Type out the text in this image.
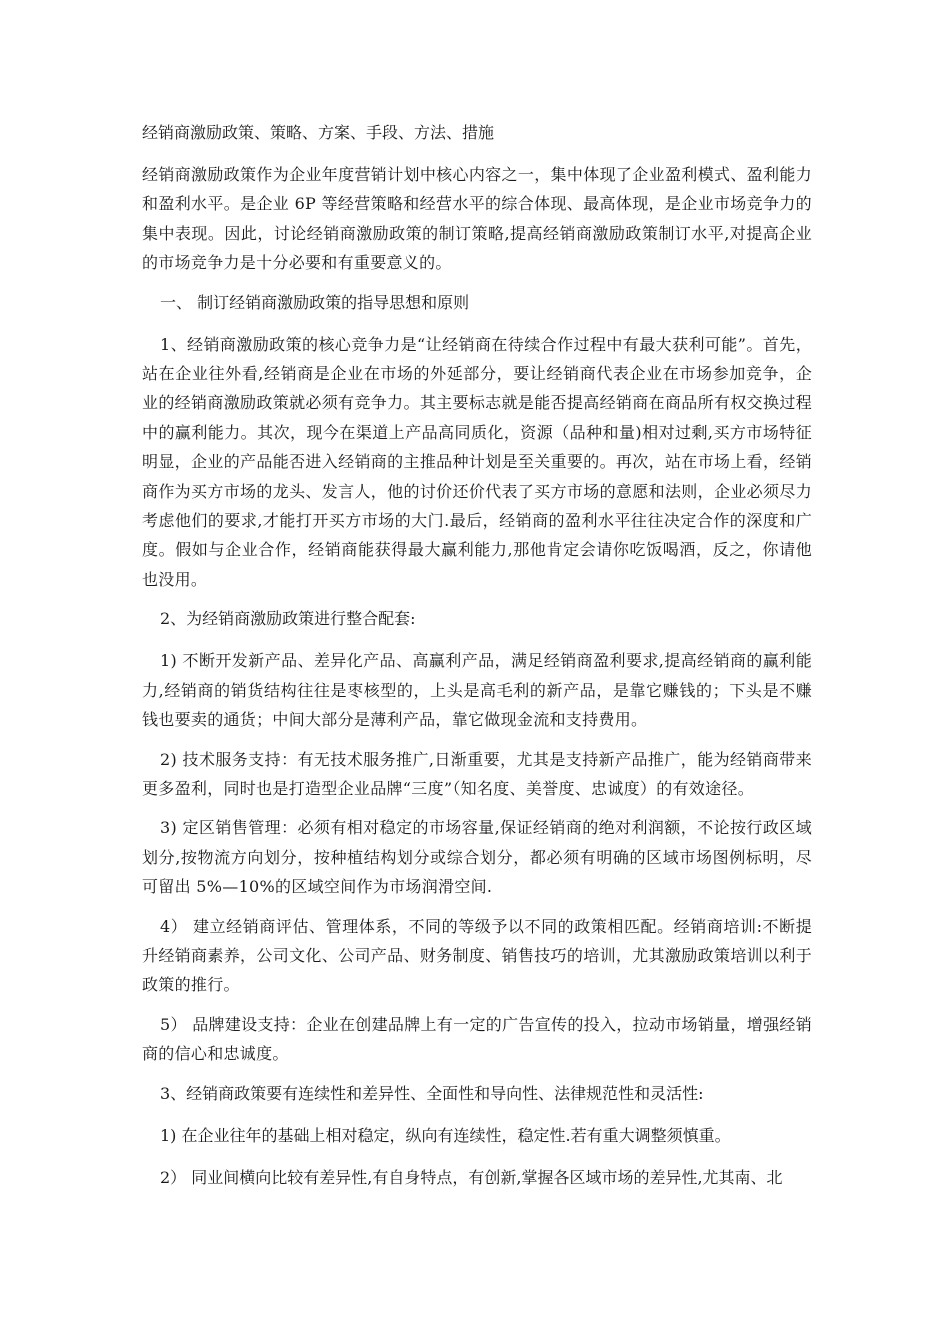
经销商激励政策、策略、方案、手段、方法、措施
经销商激励政策作为企业年度营销计划中核心内容之一，集中体现了企业盈利模式、盈利能力和盈利水平。是企业 6P 等经营策略和经营水平的综合体现、最高体现，是企业市场竞争力的集中表现。因此，讨论经销商激励政策的制订策略,提高经销商激励政策制订水平,对提高企业的市场竞争力是十分必要和有重要意义的。
一、 制订经销商激励政策的指导思想和原则
1、经销商激励政策的核心竞争力是“让经销商在待续合作过程中有最大获利可能”。首先，站在企业往外看,经销商是企业在市场的外延部分，要让经销商代表企业在市场参加竞争，企业的经销商激励政策就必须有竞争力。其主要标志就是能否提高经销商在商品所有权交换过程中的赢利能力。其次，现今在渠道上产品高同质化，资源（品种和量)相对过剩,买方市场特征明显，企业的产品能否进入经销商的主推品种计划是至关重要的。再次，站在市场上看，经销商作为买方市场的龙头、发言人，他的讨价还价代表了买方市场的意愿和法则，企业必须尽力考虑他们的要求,才能打开买方市场的大门.最后，经销商的盈利水平往往决定合作的深度和广度。假如与企业合作，经销商能获得最大赢利能力,那他肯定会请你吃饭喝酒，反之，你请他也没用。
2、为经销商激励政策进行整合配套:
1) 不断开发新产品、差异化产品、高赢利产品，满足经销商盈利要求,提高经销商的赢利能力,经销商的销货结构往往是枣核型的，上头是高毛利的新产品，是靠它赚钱的；下头是不赚钱也要卖的通货；中间大部分是薄利产品，靠它做现金流和支持费用。
2) 技术服务支持：有无技术服务推广,日渐重要，尤其是支持新产品推广，能为经销商带来更多盈利，同时也是打造型企业品牌“三度”（知名度、美誉度、忠诚度）的有效途径。
3) 定区销售管理：必须有相对稳定的市场容量,保证经销商的绝对利润额，不论按行政区域划分,按物流方向划分，按种植结构划分或综合划分，都必须有明确的区域市场图例标明，尽可留出 5%—10%的区域空间作为市场润滑空间.
4） 建立经销商评估、管理体系，不同的等级予以不同的政策相匹配。经销商培训:不断提升经销商素养，公司文化、公司产品、财务制度、销售技巧的培训，尤其激励政策培训以利于政策的推行。
5） 品牌建设支持：企业在创建品牌上有一定的广告宣传的投入，拉动市场销量，增强经销商的信心和忠诚度。
3、经销商政策要有连续性和差异性、全面性和导向性、法律规范性和灵活性:
1) 在企业往年的基础上相对稳定，纵向有连续性，稳定性.若有重大调整须慎重。
2） 同业间横向比较有差异性,有自身特点，有创新,掌握各区域市场的差异性,尤其南、北
